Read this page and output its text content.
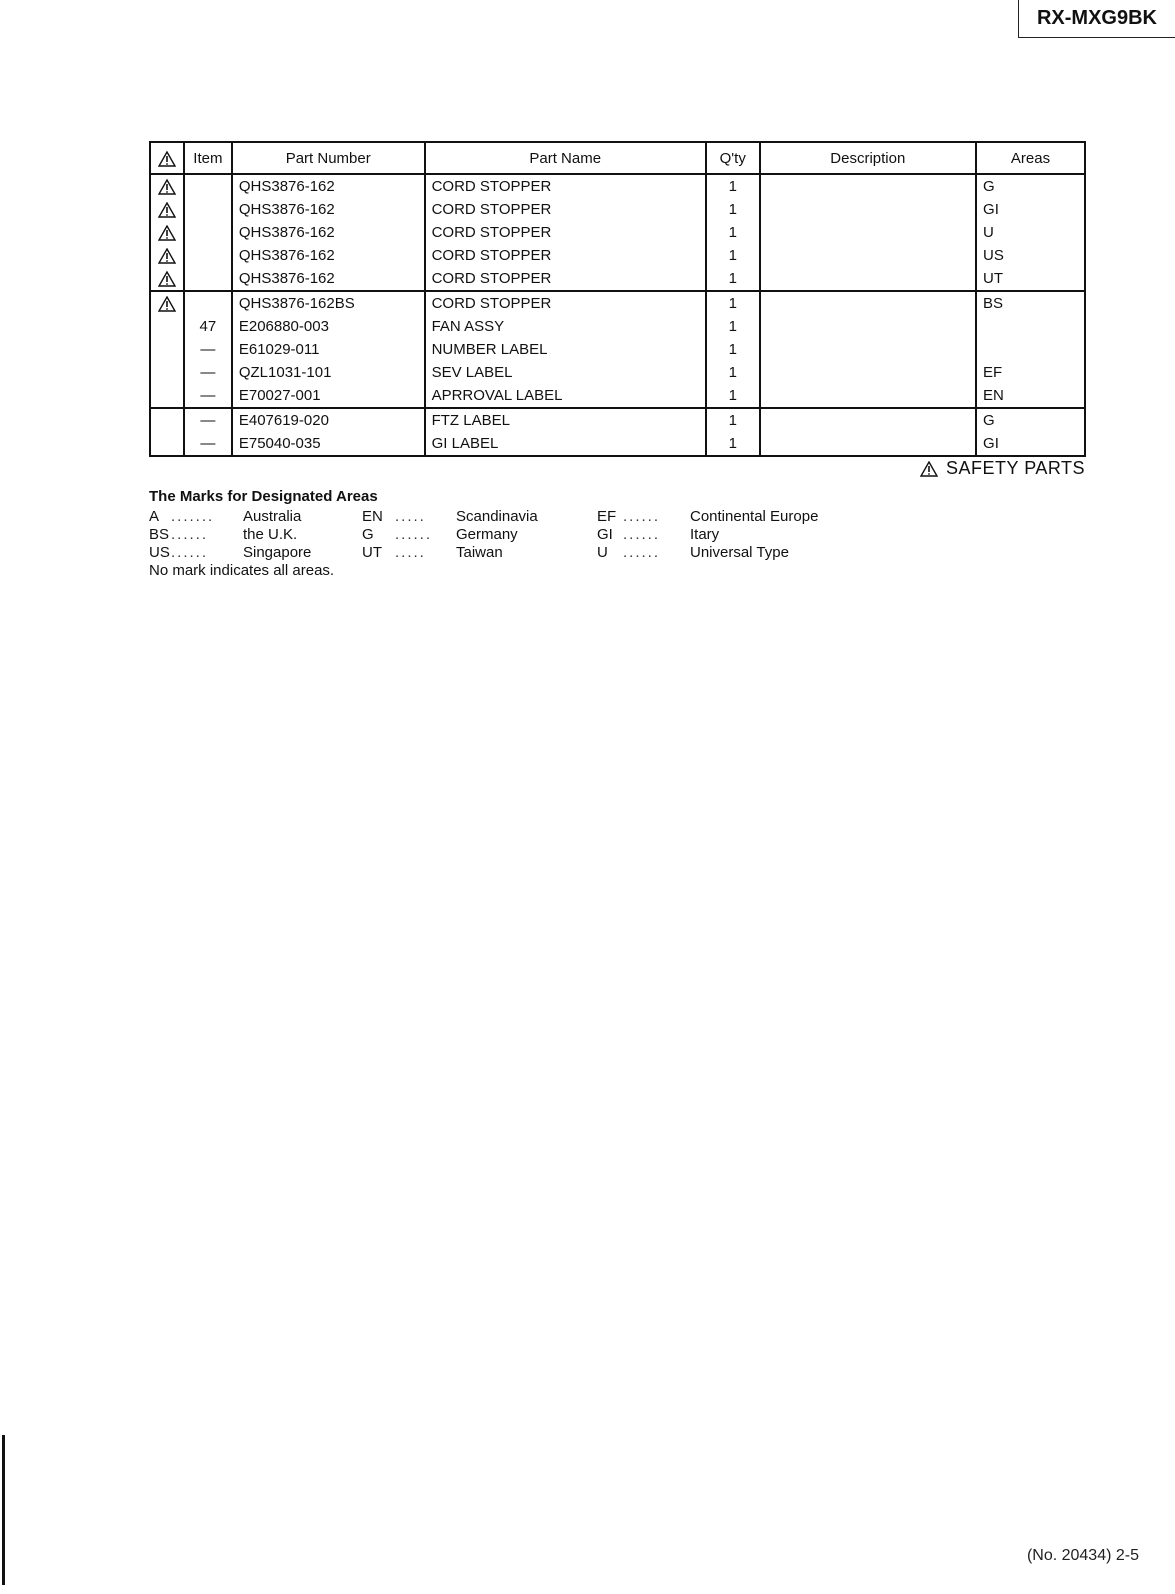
RX-MXG9BK
	Item	Part Number	Part Name	Q'ty	Description	Areas
		QHS3876-162	CORD STOPPER	1		G
		QHS3876-162	CORD STOPPER	1		GI
		QHS3876-162	CORD STOPPER	1		U
		QHS3876-162	CORD STOPPER	1		US
		QHS3876-162	CORD STOPPER	1		UT
		QHS3876-162BS	CORD STOPPER	1		BS
	47	E206880-003	FAN ASSY	1		
	—	E61029-011	NUMBER LABEL	1		
	—	QZL1031-101	SEV LABEL	1		EF
	—	E70027-001	APRROVAL LABEL	1		EN
	—	E407619-020	FTZ LABEL	1		G
	—	E75040-035	GI LABEL	1		GI
SAFETY PARTS
The Marks for Designated Areas
A ....... Australia	EN ..... Scandinavia	EF ...... Continental Europe
BS ...... the U.K.	G ...... Germany	GI ...... Itary
US ...... Singapore	UT ..... Taiwan	U ...... Universal Type
No mark indicates all areas.
(No. 20434) 2-5
